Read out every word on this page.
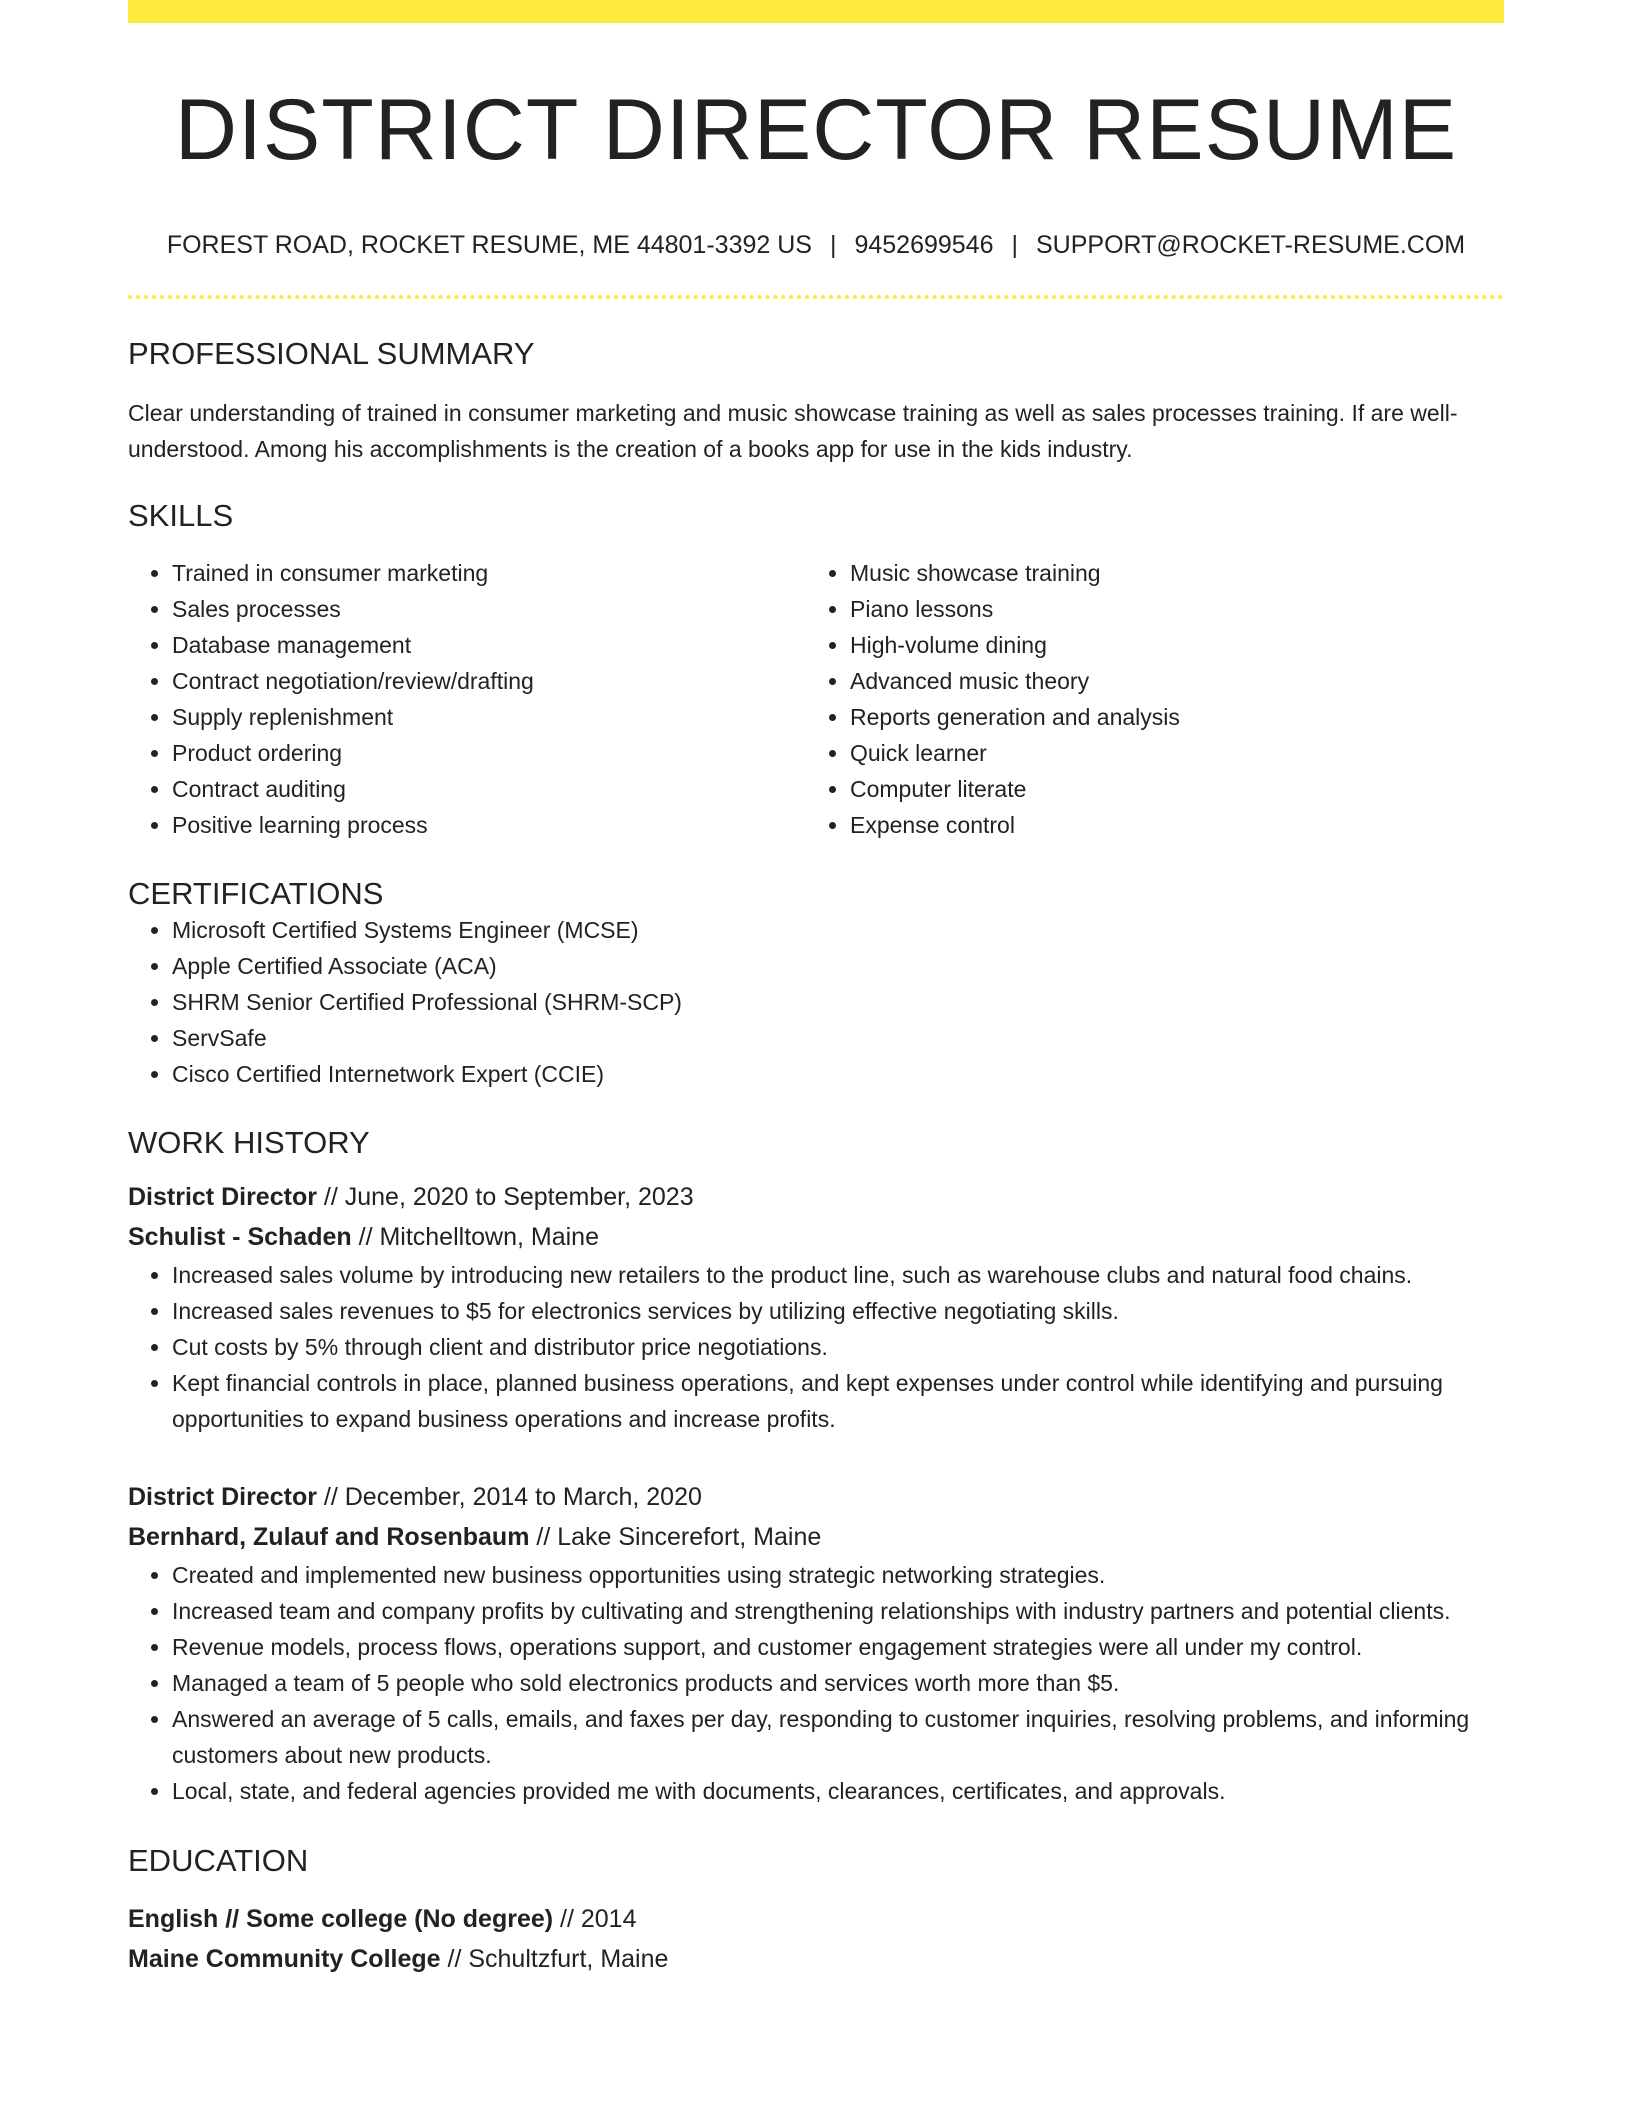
DISTRICT DIRECTOR RESUME
FOREST ROAD, ROCKET RESUME, ME 44801-3392 US | 9452699546 | SUPPORT@ROCKET-RESUME.COM
PROFESSIONAL SUMMARY
Clear understanding of trained in consumer marketing and music showcase training as well as sales processes training. If are well-understood. Among his accomplishments is the creation of a books app for use in the kids industry.
SKILLS
• Trained in consumer marketing
• Sales processes
• Database management
• Contract negotiation/review/drafting
• Supply replenishment
• Product ordering
• Contract auditing
• Positive learning process
• Music showcase training
• Piano lessons
• High-volume dining
• Advanced music theory
• Reports generation and analysis
• Quick learner
• Computer literate
• Expense control
CERTIFICATIONS
• Microsoft Certified Systems Engineer (MCSE)
• Apple Certified Associate (ACA)
• SHRM Senior Certified Professional (SHRM-SCP)
• ServSafe
• Cisco Certified Internetwork Expert (CCIE)
WORK HISTORY
District Director // June, 2020 to September, 2023
Schulist - Schaden // Mitchelltown, Maine
• Increased sales volume by introducing new retailers to the product line, such as warehouse clubs and natural food chains.
• Increased sales revenues to $5 for electronics services by utilizing effective negotiating skills.
• Cut costs by 5% through client and distributor price negotiations.
• Kept financial controls in place, planned business operations, and kept expenses under control while identifying and pursuing opportunities to expand business operations and increase profits.
District Director // December, 2014 to March, 2020
Bernhard, Zulauf and Rosenbaum // Lake Sincerefort, Maine
• Created and implemented new business opportunities using strategic networking strategies.
• Increased team and company profits by cultivating and strengthening relationships with industry partners and potential clients.
• Revenue models, process flows, operations support, and customer engagement strategies were all under my control.
• Managed a team of 5 people who sold electronics products and services worth more than $5.
• Answered an average of 5 calls, emails, and faxes per day, responding to customer inquiries, resolving problems, and informing customers about new products.
• Local, state, and federal agencies provided me with documents, clearances, certificates, and approvals.
EDUCATION
English // Some college (No degree) // 2014
Maine Community College // Schultzfurt, Maine
